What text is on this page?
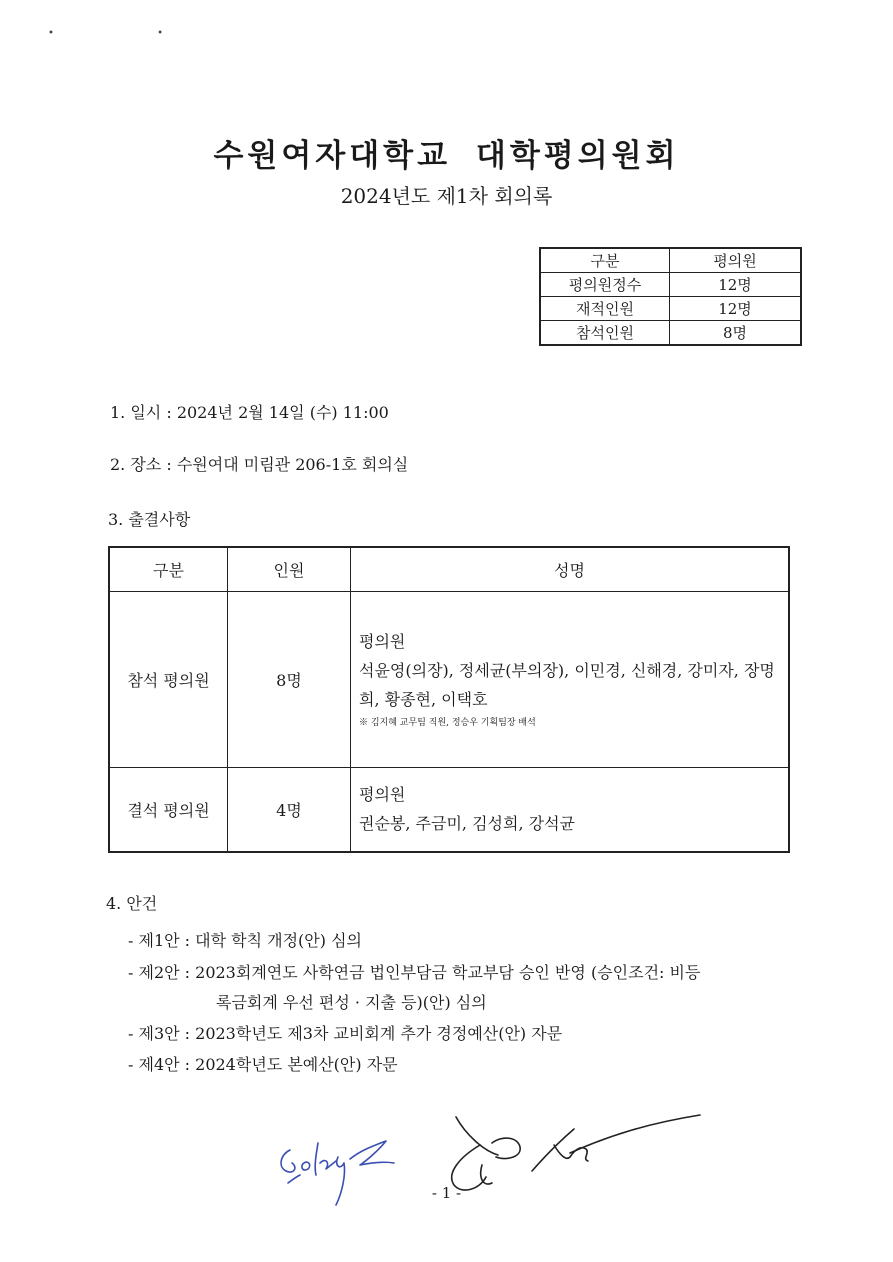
• •
수원여자대학교 대학평의원회
2024년도 제1차 회의록
구분	평의원
평의원정수	12명
재적인원	12명
참석인원	8명
1. 일시 : 2024년 2월 14일 (수) 11:00
2. 장소 : 수원여대 미림관 206-1호 회의실
3. 출결사항
구분	인원	성명
참석 평의원	8명	평의원
석윤영(의장), 정세균(부의장), 이민경, 신해경, 강미자, 장명희, 황종현, 이택호
※ 김지혜 교무팀 직원, 정승우 기획팀장 배석

결석 평의원	4명	평의원
권순봉, 주금미, 김성희, 강석균
4. 안건
- 제1안 : 대학 학칙 개정(안) 심의
- 제2안 : 2023회계연도 사학연금 법인부담금 학교부담 승인 반영 (승인조건: 비등
록금회계 우선 편성 · 지출 등)(안) 심의
- 제3안 : 2023학년도 제3차 교비회계 추가 경정예산(안) 자문
- 제4안 : 2024학년도 본예산(안) 자문
- 1 -
